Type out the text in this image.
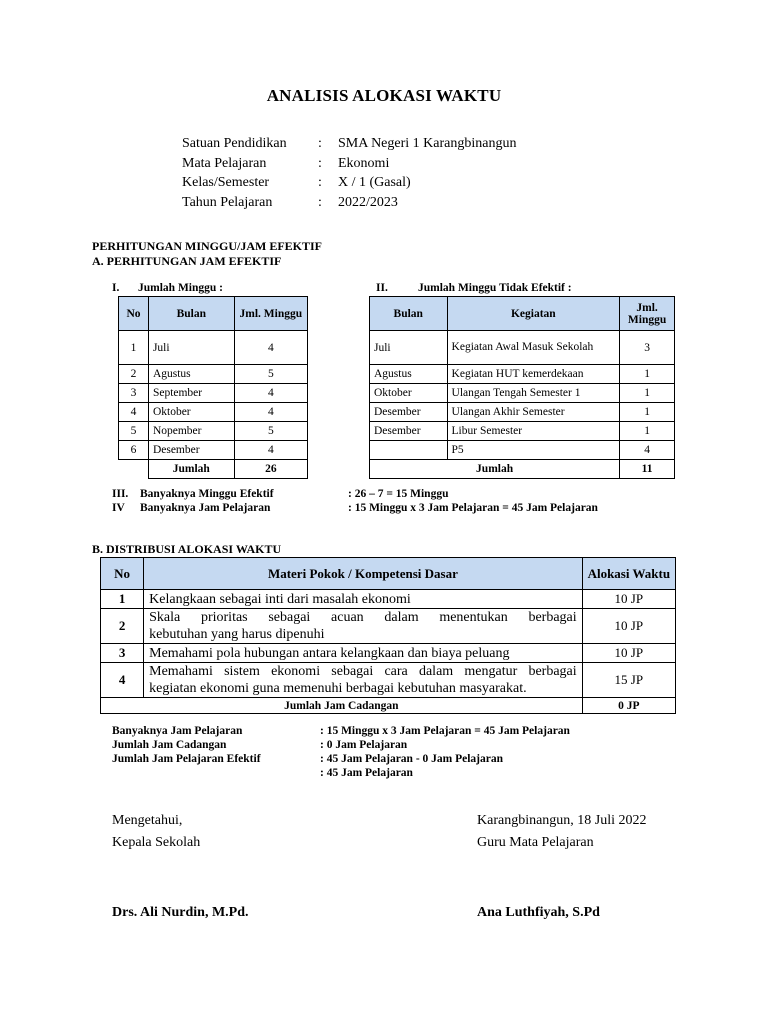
ANALISIS ALOKASI WAKTU
Satuan Pendidikan	:	SMA Negeri 1 Karangbinangun
Mata Pelajaran	:	Ekonomi
Kelas/Semester	:	X / 1 (Gasal)
Tahun Pelajaran	:	2022/2023
PERHITUNGAN MINGGU/JAM EFEKTIF
A. PERHITUNGAN JAM EFEKTIF
I. Jumlah Minggu :
No	Bulan	Jml. Minggu
1	Juli	4
2	Agustus	5
3	September	4
4	Oktober	4
5	Nopember	5
6	Desember	4
	Jumlah	26
II.	Jumlah Minggu Tidak Efektif :
Bulan	Kegiatan	Jml. Minggu
Juli	Kegiatan Awal Masuk Sekolah	3
Agustus	Kegiatan HUT kemerdekaan	1
Oktober	Ulangan Tengah Semester 1	1
Desember	Ulangan Akhir Semester	1
Desember	Libur Semester	1
	P5	4
Jumlah		11
III.	Banyaknya Minggu Efektif	: 26 – 7 = 15 Minggu
IV	Banyaknya Jam Pelajaran	: 15 Minggu x 3 Jam Pelajaran = 45 Jam Pelajaran
B. DISTRIBUSI ALOKASI WAKTU
No	Materi Pokok / Kompetensi Dasar	Alokasi Waktu
1	Kelangkaan sebagai inti dari masalah ekonomi	10 JP
2	Skala prioritas sebagai acuan dalam menentukan berbagai
kebutuhan yang harus dipenuhi	10 JP
3	Memahami pola hubungan antara kelangkaan dan biaya peluang	10 JP
4	Memahami sistem ekonomi sebagai cara dalam mengatur berbagai
kegiatan ekonomi guna memenuhi berbagai kebutuhan masyarakat.	15 JP
Jumlah Jam Cadangan		0 JP
Banyaknya Jam Pelajaran	: 15 Minggu x 3 Jam Pelajaran = 45 Jam Pelajaran
Jumlah Jam Cadangan	: 0 Jam Pelajaran
Jumlah Jam Pelajaran Efektif	: 45 Jam Pelajaran - 0 Jam Pelajaran
: 45 Jam Pelajaran
Mengetahui,
Kepala Sekolah
Drs. Ali Nurdin, M.Pd.
Karangbinangun, 18 Juli 2022
Guru Mata Pelajaran
Ana Luthfiyah, S.Pd
